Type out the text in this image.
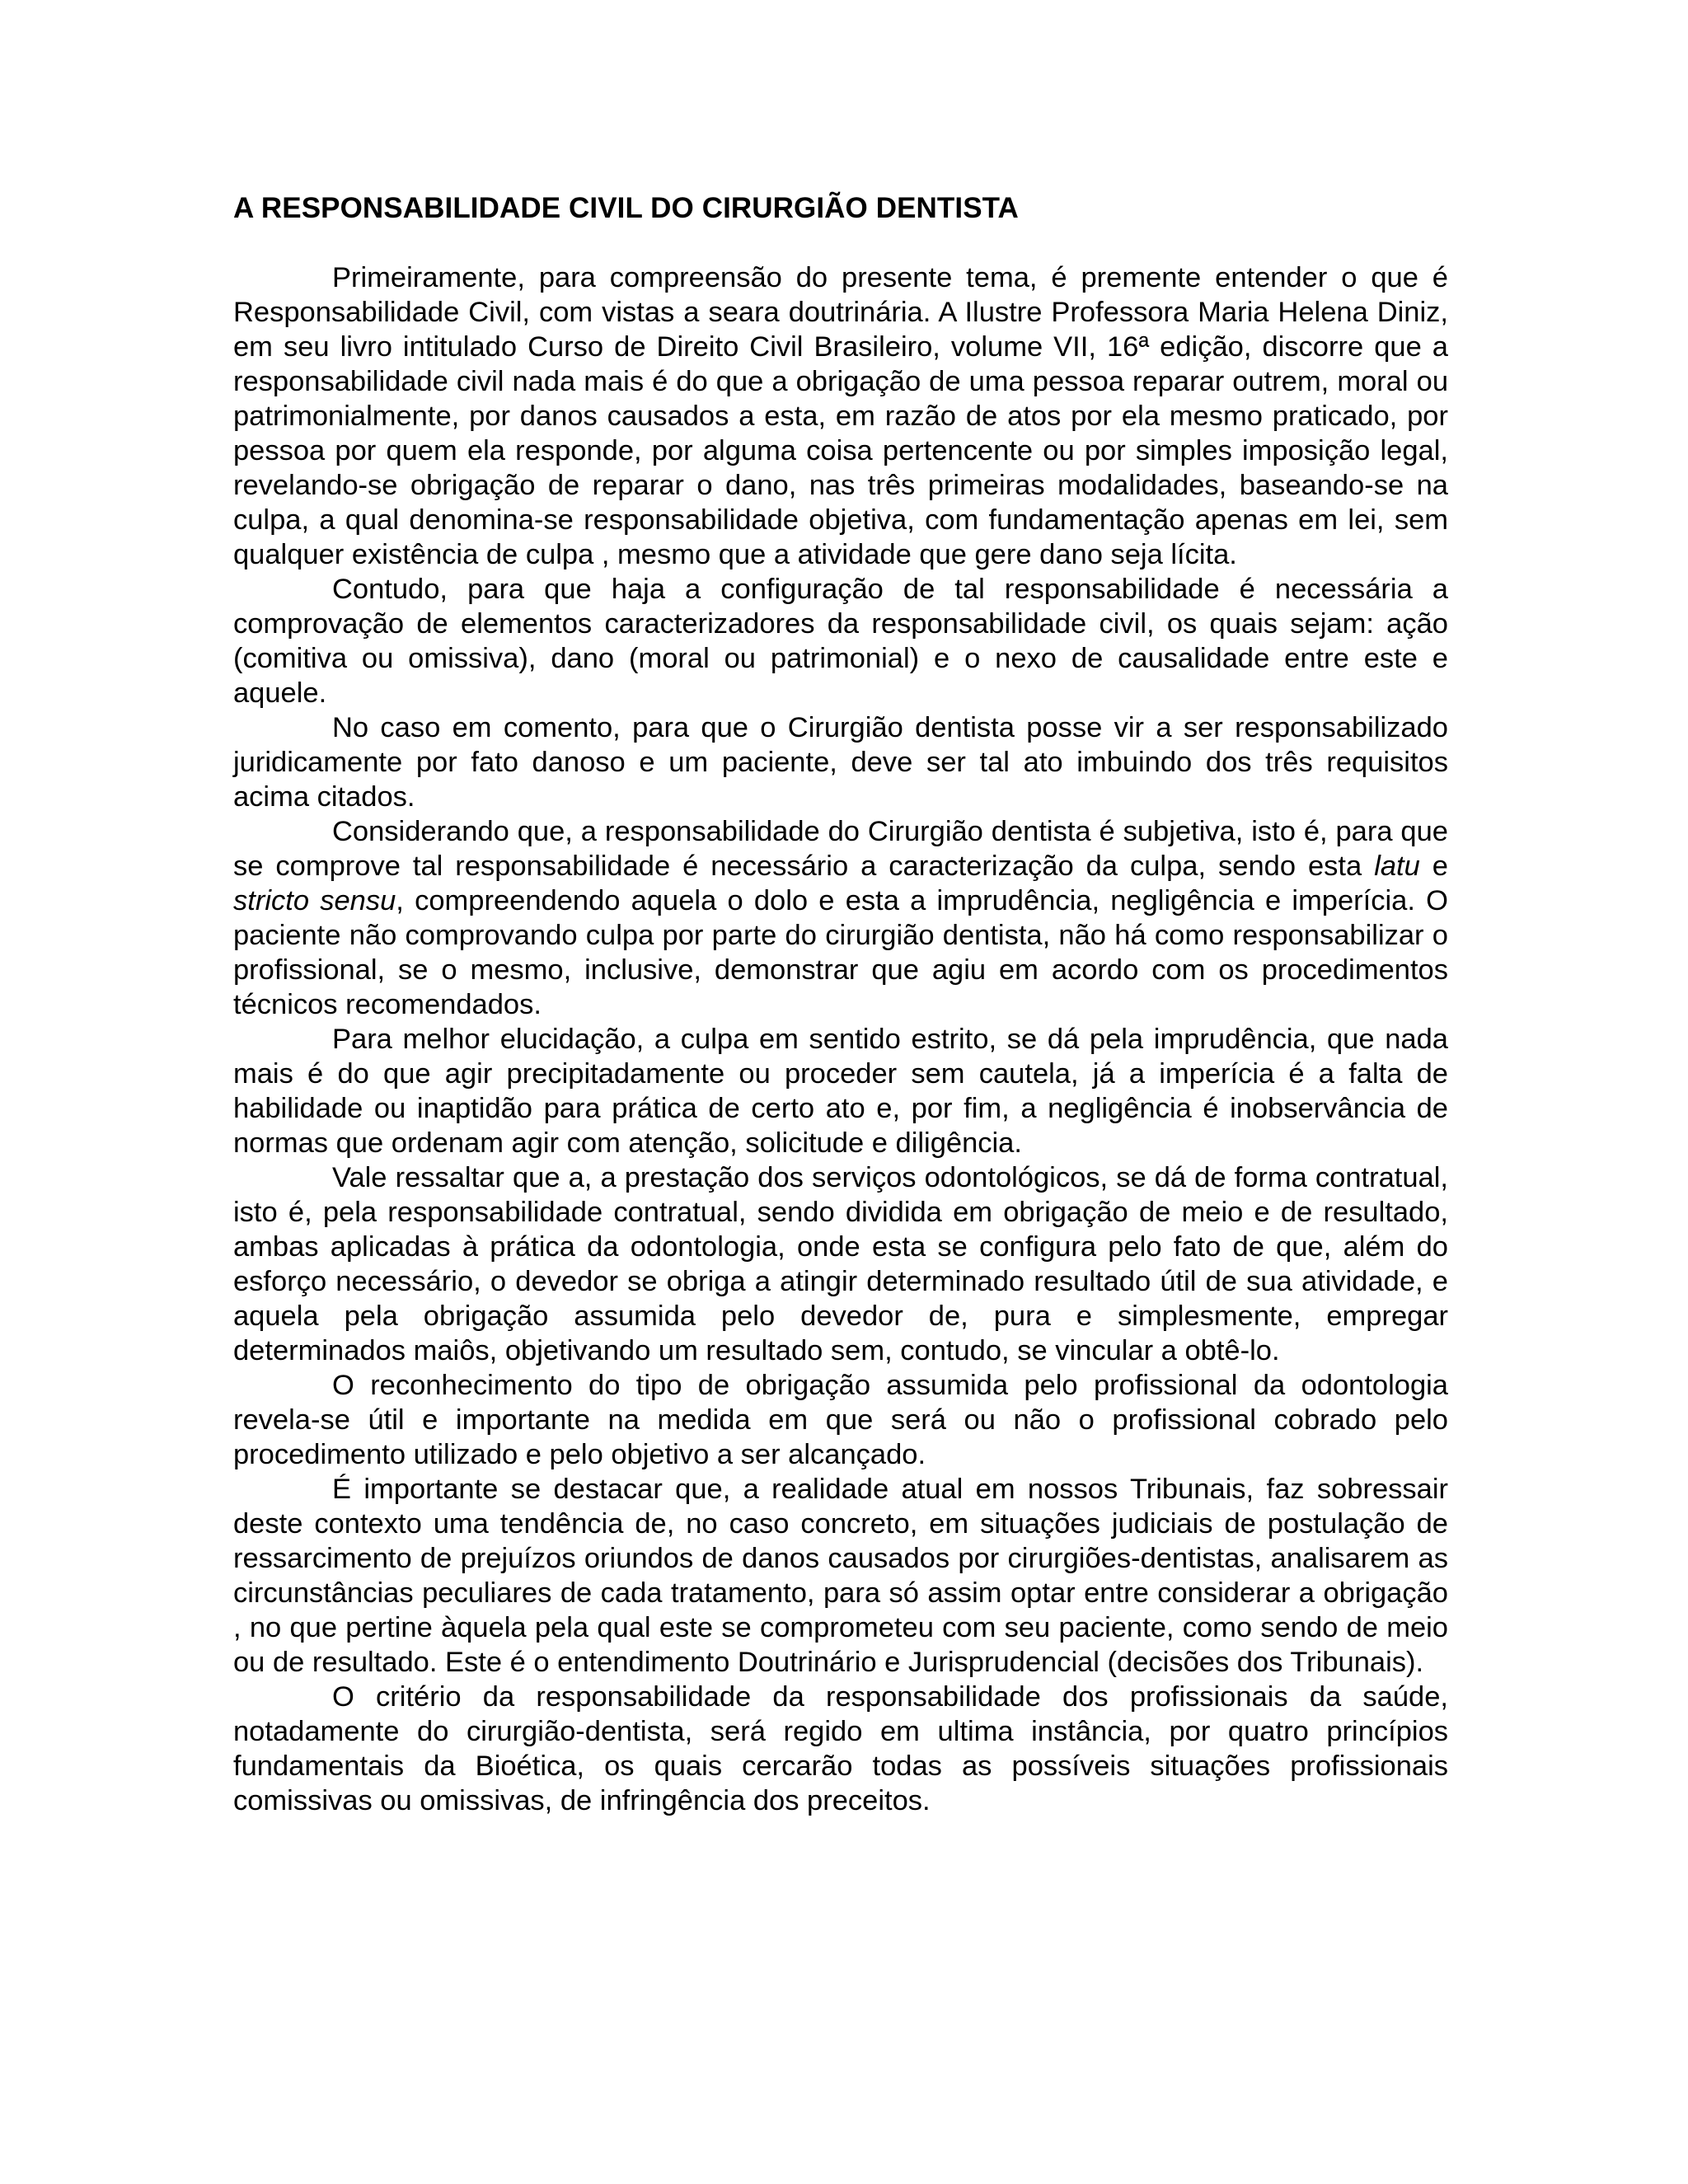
A RESPONSABILIDADE CIVIL DO CIRURGIÃO DENTISTA

Primeiramente, para compreensão do presente tema, é premente entender o que é Responsabilidade Civil, com vistas a seara doutrinária. A Ilustre Professora Maria Helena Diniz, em seu livro intitulado Curso de Direito Civil Brasileiro, volume VII, 16ª edição, discorre que a responsabilidade civil nada mais é do que a obrigação de uma pessoa reparar outrem, moral ou patrimonialmente, por danos causados a esta, em razão de atos por ela mesmo praticado, por pessoa por quem ela responde, por alguma coisa pertencente ou por simples imposição legal, revelando-se obrigação de reparar o dano, nas três primeiras modalidades, baseando-se na culpa, a qual denomina-se responsabilidade objetiva, com fundamentação apenas em lei, sem qualquer existência de culpa , mesmo que a atividade que gere dano seja lícita.

Contudo, para que haja a configuração de tal responsabilidade é necessária a comprovação de elementos caracterizadores da responsabilidade civil, os quais sejam: ação (comitiva ou omissiva), dano (moral ou patrimonial) e o nexo de causalidade entre este e aquele.

No caso em comento, para que o Cirurgião dentista posse vir a ser responsabilizado juridicamente por fato danoso e um paciente, deve ser tal ato imbuindo dos três requisitos acima citados.

Considerando que, a responsabilidade do Cirurgião dentista é subjetiva, isto é, para que se comprove tal responsabilidade é necessário a caracterização da culpa, sendo esta latu e stricto sensu, compreendendo aquela o dolo e esta a imprudência, negligência e imperícia. O paciente não comprovando culpa por parte do cirurgião dentista, não há como responsabilizar o profissional, se o mesmo, inclusive, demonstrar que agiu em acordo com os procedimentos técnicos recomendados.

Para melhor elucidação, a culpa em sentido estrito, se dá pela imprudência, que nada mais é do que agir precipitadamente ou proceder sem cautela, já a imperícia é a falta de habilidade ou inaptidão para prática de certo ato e, por fim, a negligência é inobservância de normas que ordenam agir com atenção, solicitude e diligência.

Vale ressaltar que a, a prestação dos serviços odontológicos, se dá de forma contratual, isto é, pela responsabilidade contratual, sendo dividida em obrigação de meio e de resultado, ambas aplicadas à prática da odontologia, onde esta se configura pelo fato de que, além do esforço necessário, o devedor se obriga a atingir determinado resultado útil de sua atividade, e aquela pela obrigação assumida pelo devedor de, pura e simplesmente, empregar determinados maiôs, objetivando um resultado sem, contudo, se vincular a obtê-lo.

O reconhecimento do tipo de obrigação assumida pelo profissional da odontologia revela-se útil e importante na medida em que será ou não o profissional cobrado pelo procedimento utilizado e pelo objetivo a ser alcançado.

É importante se destacar que, a realidade atual em nossos Tribunais, faz sobressair deste contexto uma tendência de, no caso concreto, em situações judiciais de postulação de ressarcimento de prejuízos oriundos de danos causados por cirurgiões-dentistas, analisarem as circunstâncias peculiares de cada tratamento, para só assim optar entre considerar a obrigação , no que pertine àquela pela qual este se comprometeu com seu paciente, como sendo de meio ou de resultado. Este é o entendimento Doutrinário e Jurisprudencial (decisões dos Tribunais).

O critério da responsabilidade da responsabilidade dos profissionais da saúde, notadamente do cirurgião-dentista, será regido em ultima instância, por quatro princípios fundamentais da Bioética, os quais cercarão todas as possíveis situações profissionais comissivas ou omissivas, de infringência dos preceitos.
